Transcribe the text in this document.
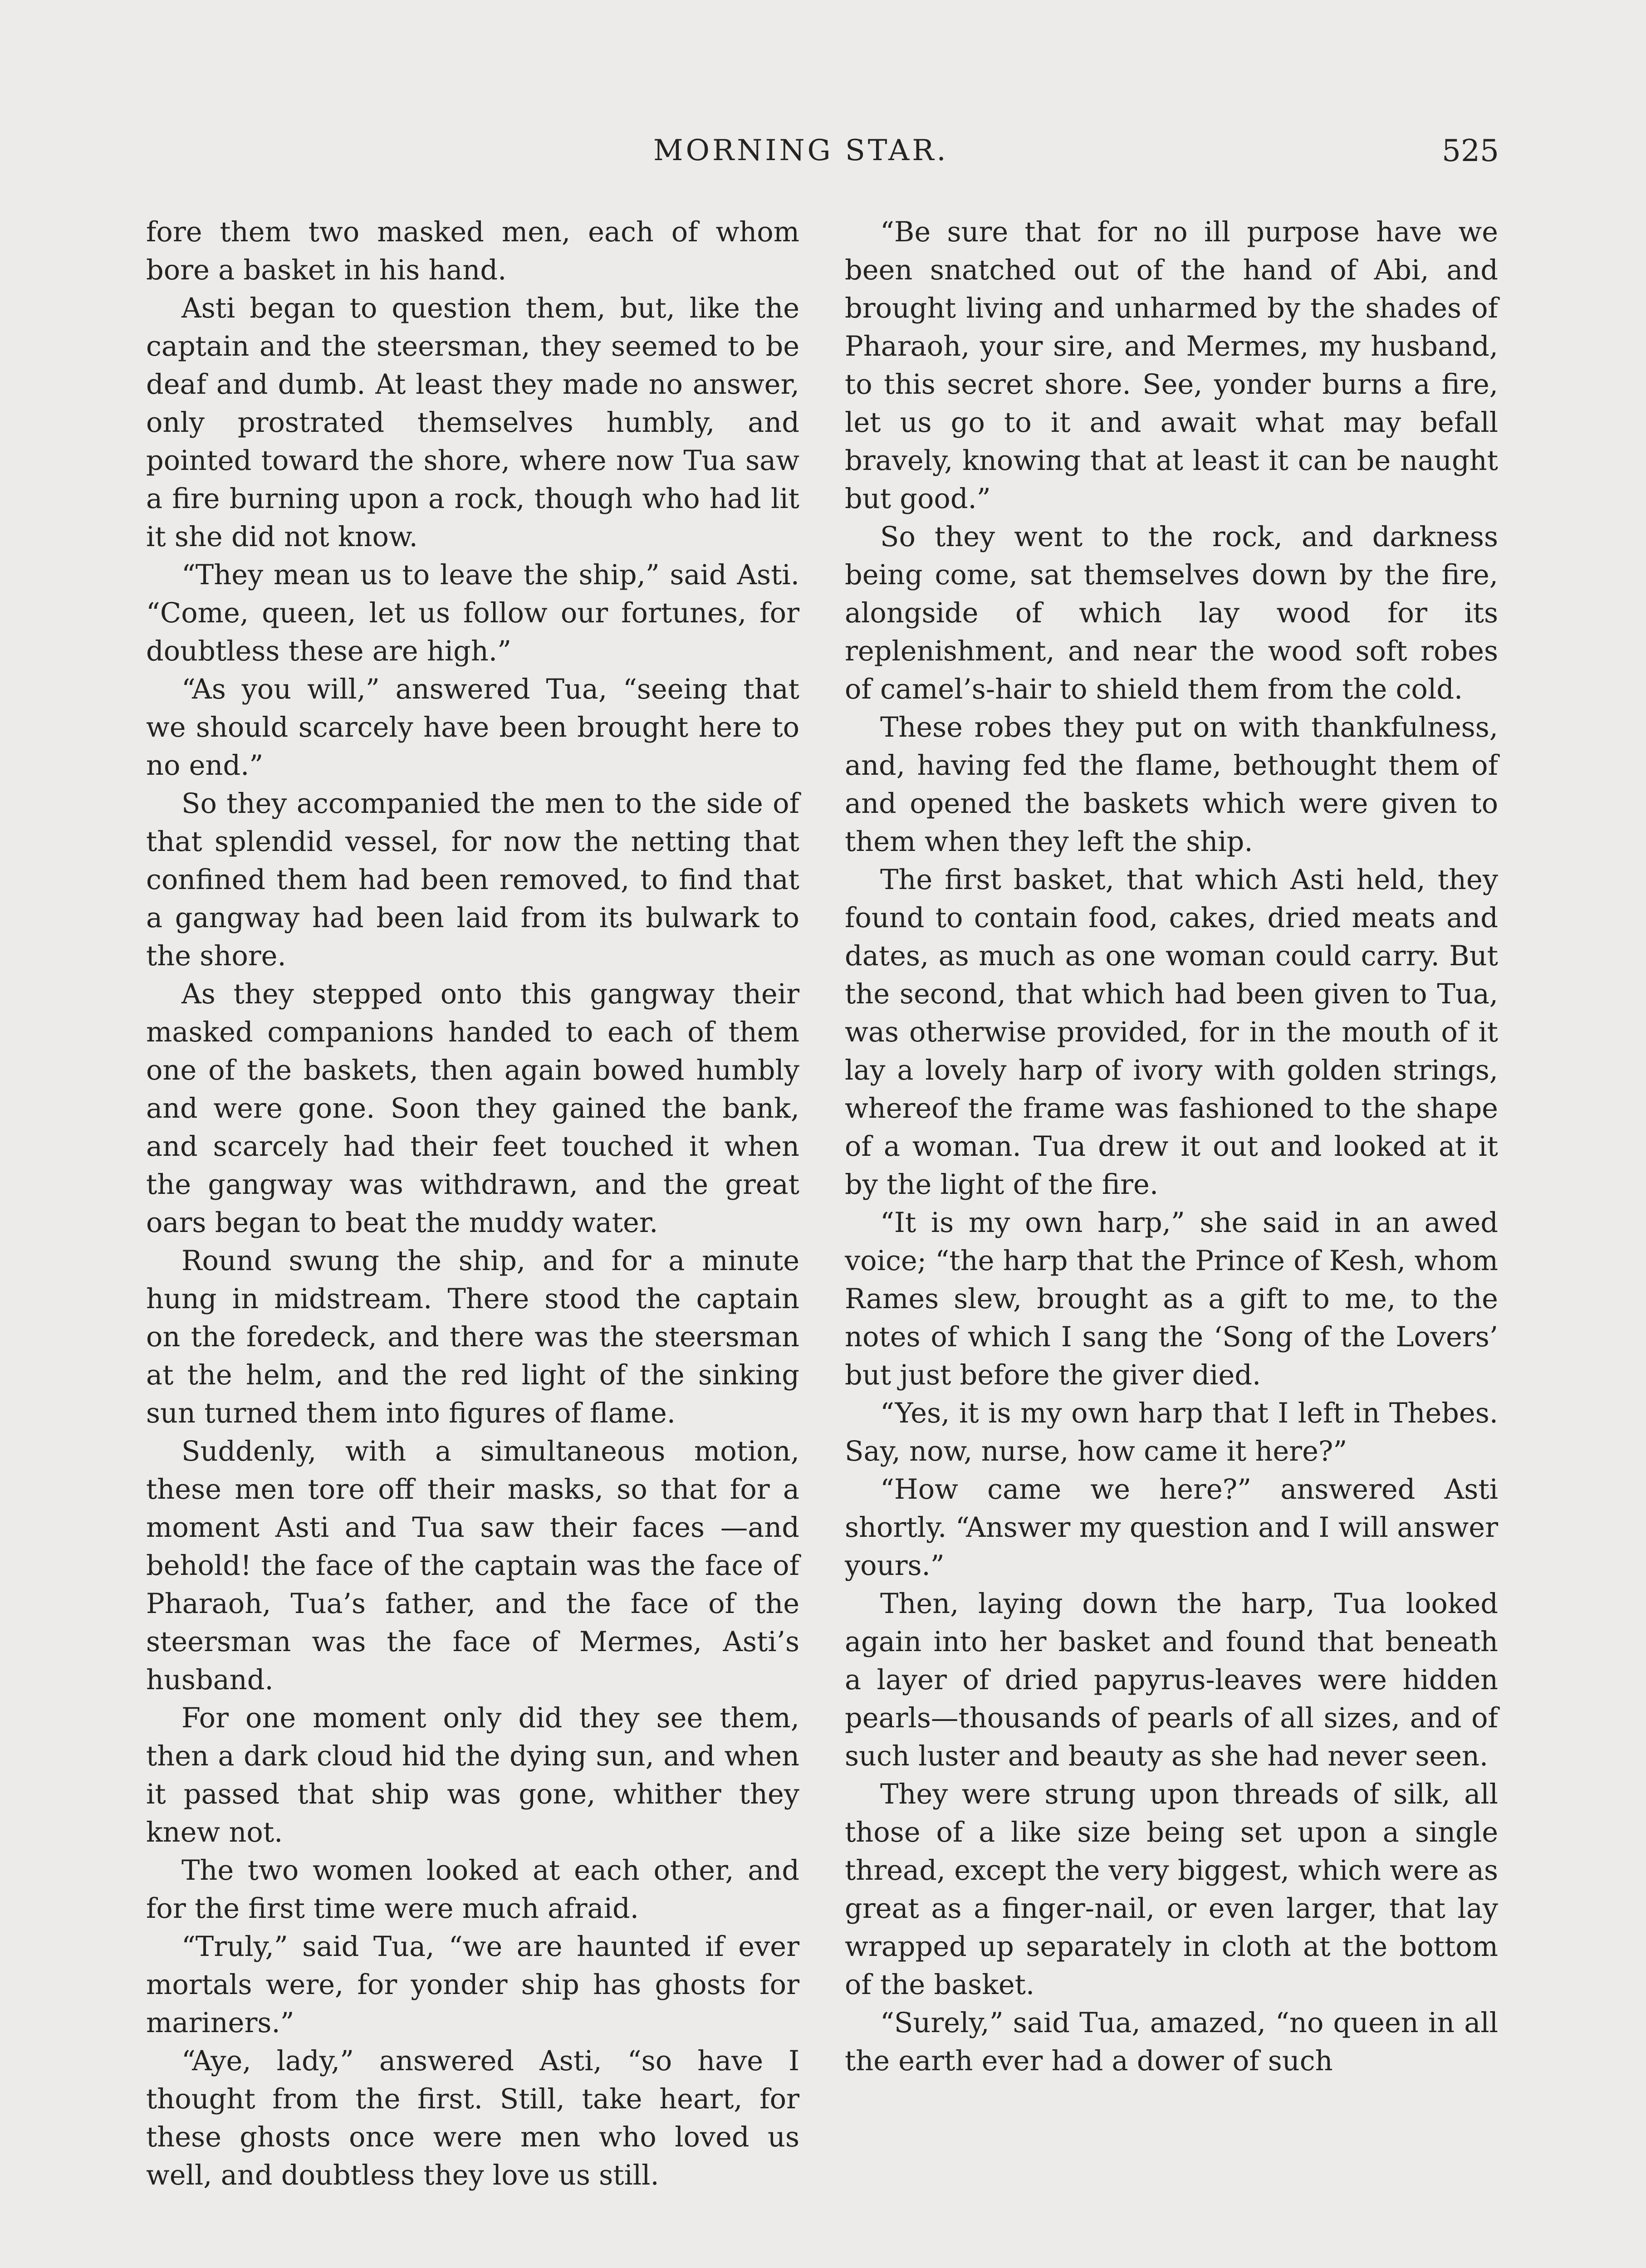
MORNING STAR.	525

fore them two masked men, each of whom bore a basket in his hand.

Asti began to question them, but, like the captain and the steersman, they seemed to be deaf and dumb. At least they made no answer, only prostrated themselves humbly, and pointed toward the shore, where now Tua saw a fire burning upon a rock, though who had lit it she did not know.

“They mean us to leave the ship,” said Asti. “Come, queen, let us follow our fortunes, for doubtless these are high.”

“As you will,” answered Tua, “seeing that we should scarcely have been brought here to no end.”

So they accompanied the men to the side of that splendid vessel, for now the netting that confined them had been removed, to find that a gangway had been laid from its bulwark to the shore.

As they stepped onto this gangway their masked companions handed to each of them one of the baskets, then again bowed humbly and were gone. Soon they gained the bank, and scarcely had their feet touched it when the gangway was withdrawn, and the great oars began to beat the muddy water.

Round swung the ship, and for a minute hung in midstream. There stood the captain on the foredeck, and there was the steersman at the helm, and the red light of the sinking sun turned them into figures of flame.

Suddenly, with a simultaneous motion, these men tore off their masks, so that for a moment Asti and Tua saw their faces —and behold! the face of the captain was the face of Pharaoh, Tua’s father, and the face of the steersman was the face of Mermes, Asti’s husband.

For one moment only did they see them, then a dark cloud hid the dying sun, and when it passed that ship was gone, whither they knew not.

The two women looked at each other, and for the first time were much afraid.

“Truly,” said Tua, “we are haunted if ever mortals were, for yonder ship has ghosts for mariners.”

“Aye, lady,” answered Asti, “so have I thought from the first. Still, take heart, for these ghosts once were men who loved us well, and doubtless they love us still.

“Be sure that for no ill purpose have we been snatched out of the hand of Abi, and brought living and unharmed by the shades of Pharaoh, your sire, and Mermes, my husband, to this secret shore. See, yonder burns a fire, let us go to it and await what may befall bravely, knowing that at least it can be naught but good.”

So they went to the rock, and darkness being come, sat themselves down by the fire, alongside of which lay wood for its replenishment, and near the wood soft robes of camel’s-hair to shield them from the cold.

These robes they put on with thankfulness, and, having fed the flame, bethought them of and opened the baskets which were given to them when they left the ship.

The first basket, that which Asti held, they found to contain food, cakes, dried meats and dates, as much as one woman could carry. But the second, that which had been given to Tua, was otherwise provided, for in the mouth of it lay a lovely harp of ivory with golden strings, whereof the frame was fashioned to the shape of a woman. Tua drew it out and looked at it by the light of the fire.

“It is my own harp,” she said in an awed voice; “the harp that the Prince of Kesh, whom Rames slew, brought as a gift to me, to the notes of which I sang the ‘Song of the Lovers’ but just before the giver died.

“Yes, it is my own harp that I left in Thebes. Say, now, nurse, how came it here?”

“How came we here?” answered Asti shortly. “Answer my question and I will answer yours.”

Then, laying down the harp, Tua looked again into her basket and found that beneath a layer of dried papyrus-leaves were hidden pearls—thousands of pearls of all sizes, and of such luster and beauty as she had never seen.

They were strung upon threads of silk, all those of a like size being set upon a single thread, except the very biggest, which were as great as a finger-nail, or even larger, that lay wrapped up separately in cloth at the bottom of the basket.

“Surely,” said Tua, amazed, “no queen in all the earth ever had a dower of such
